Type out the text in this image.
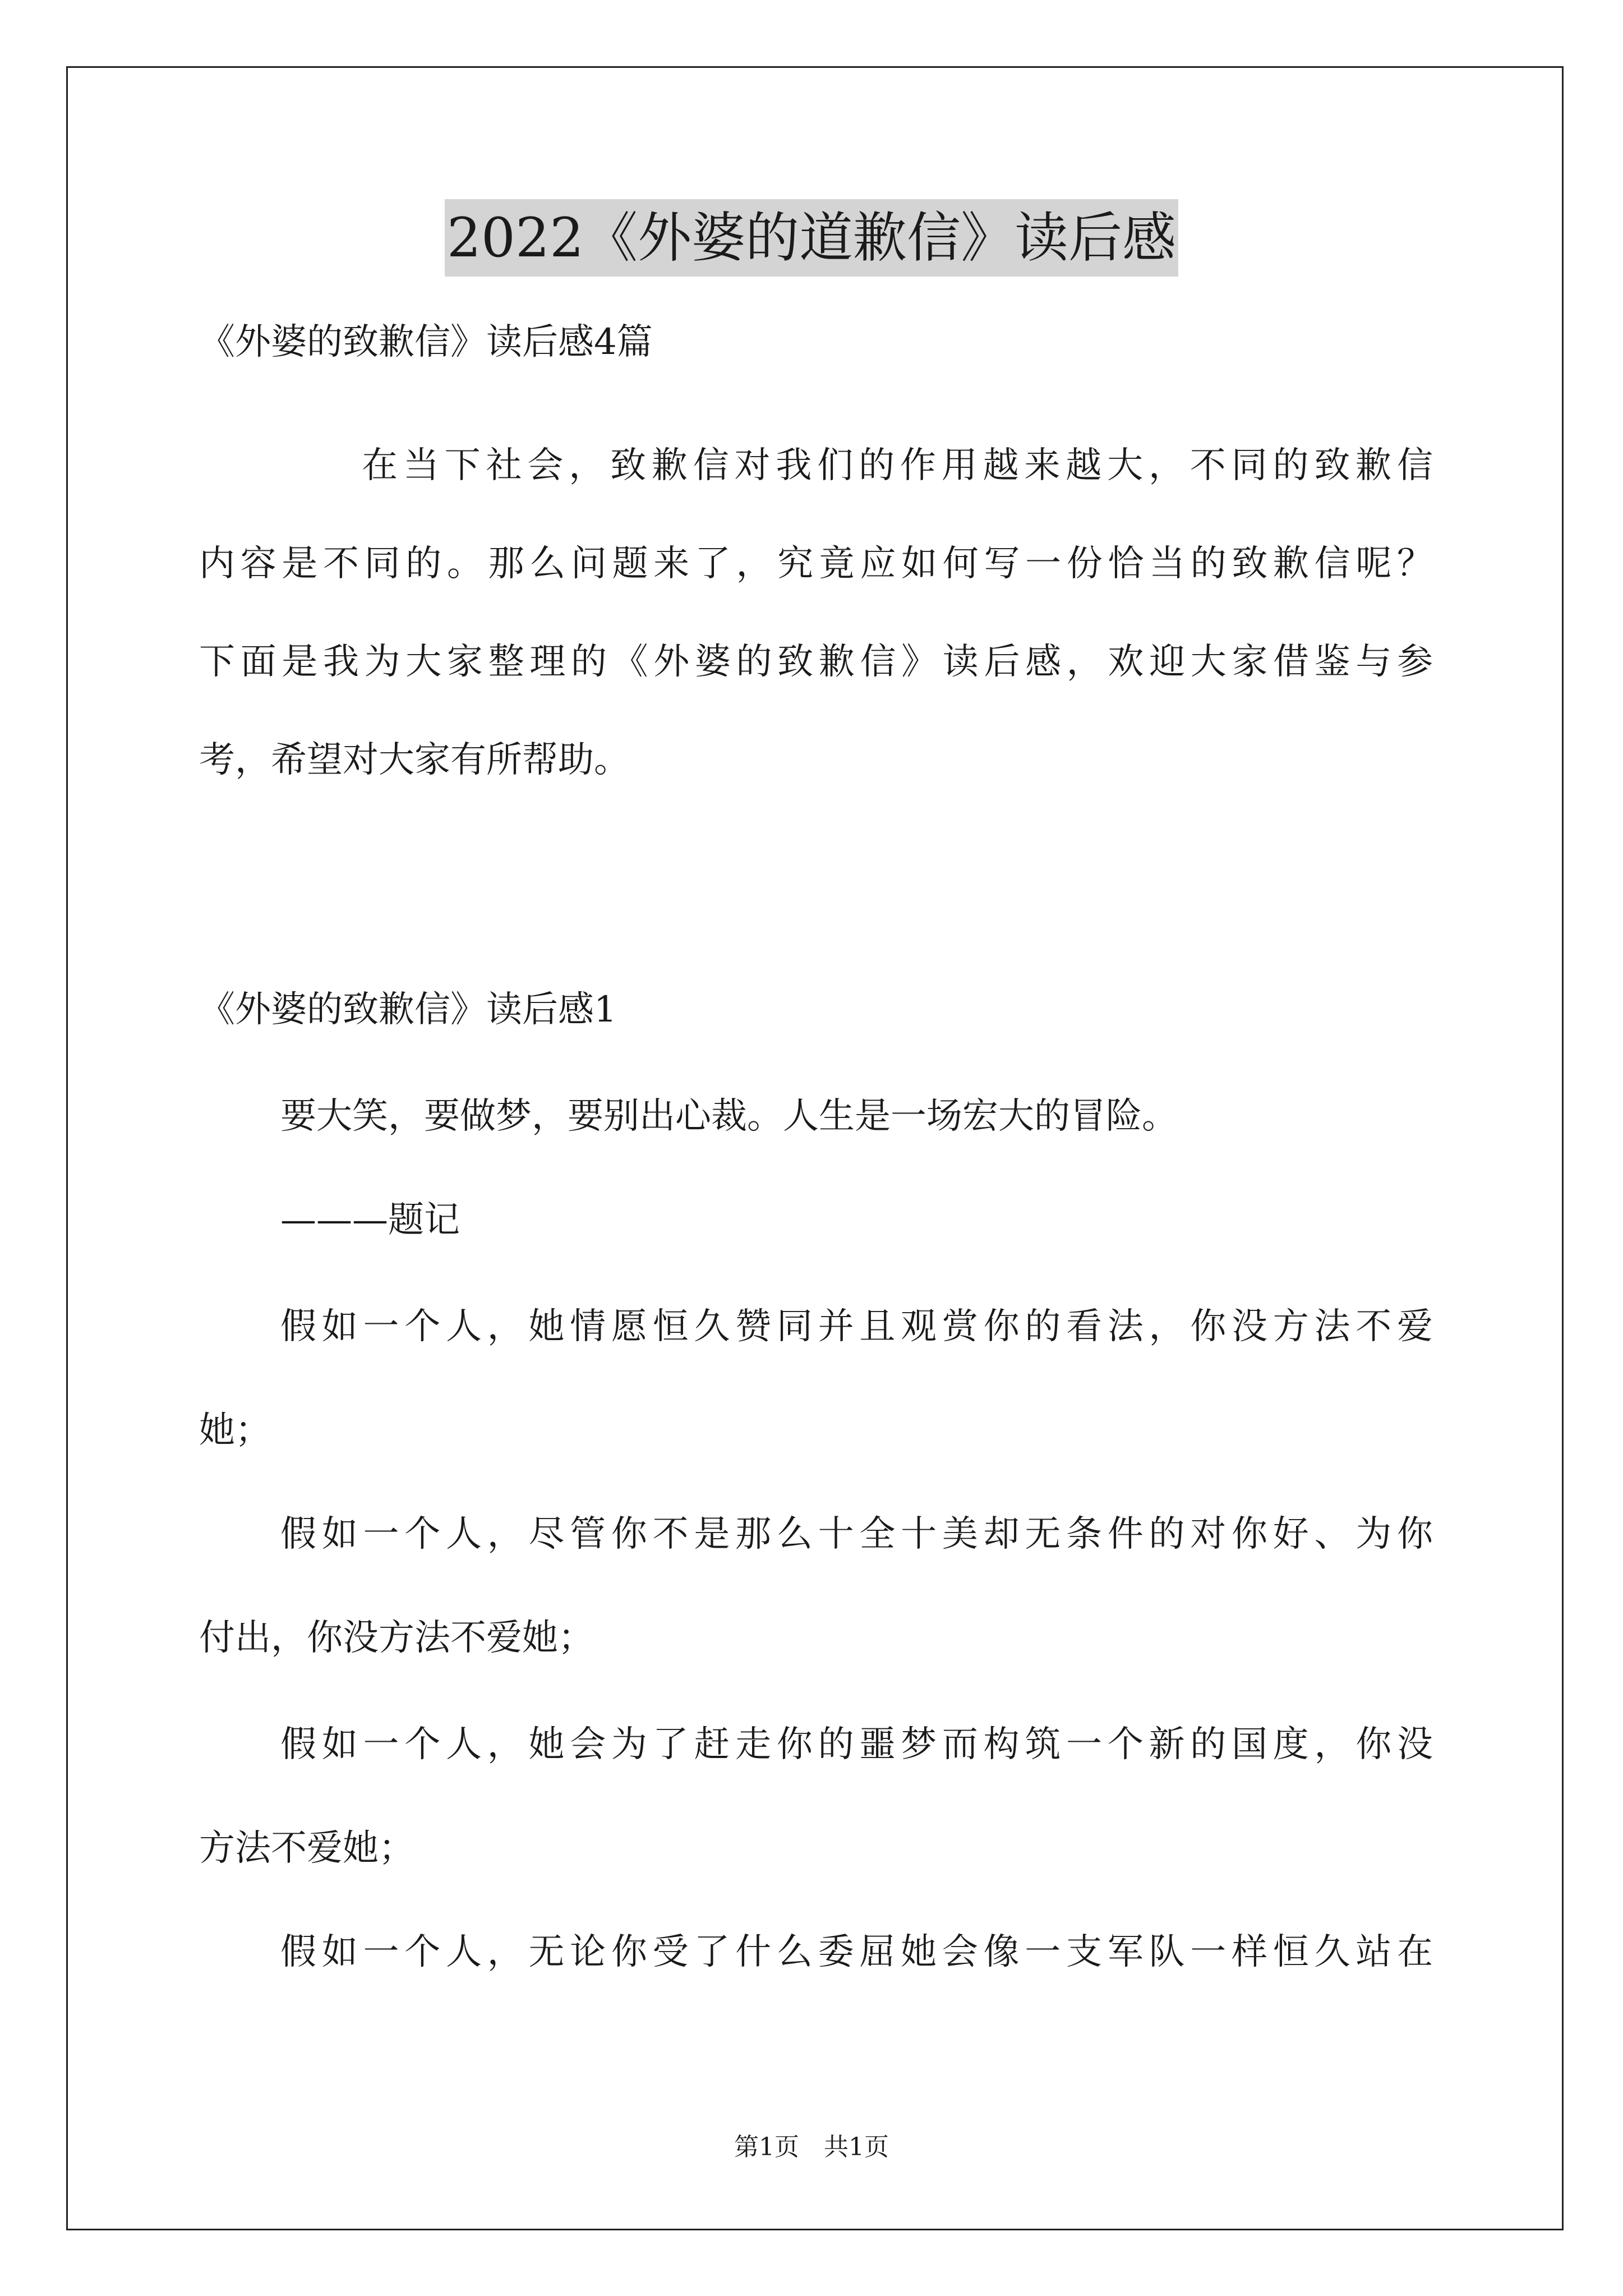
2022《外婆的道歉信》读后感
《外婆的致歉信》读后感4篇
在当下社会，致歉信对我们的作用越来越大，不同的致歉信
内容是不同的。那么问题来了，究竟应如何写一份恰当的致歉信呢？
下面是我为大家整理的《外婆的致歉信》读后感，欢迎大家借鉴与参
考，希望对大家有所帮助。
《外婆的致歉信》读后感1
要大笑，要做梦，要别出心裁。人生是一场宏大的冒险。
———题记
假如一个人，她情愿恒久赞同并且观赏你的看法，你没方法不爱
她；
假如一个人，尽管你不是那么十全十美却无条件的对你好、为你
付出，你没方法不爱她；
假如一个人，她会为了赶走你的噩梦而构筑一个新的国度，你没
方法不爱她；
假如一个人，无论你受了什么委屈她会像一支军队一样恒久站在
第1页　共1页
